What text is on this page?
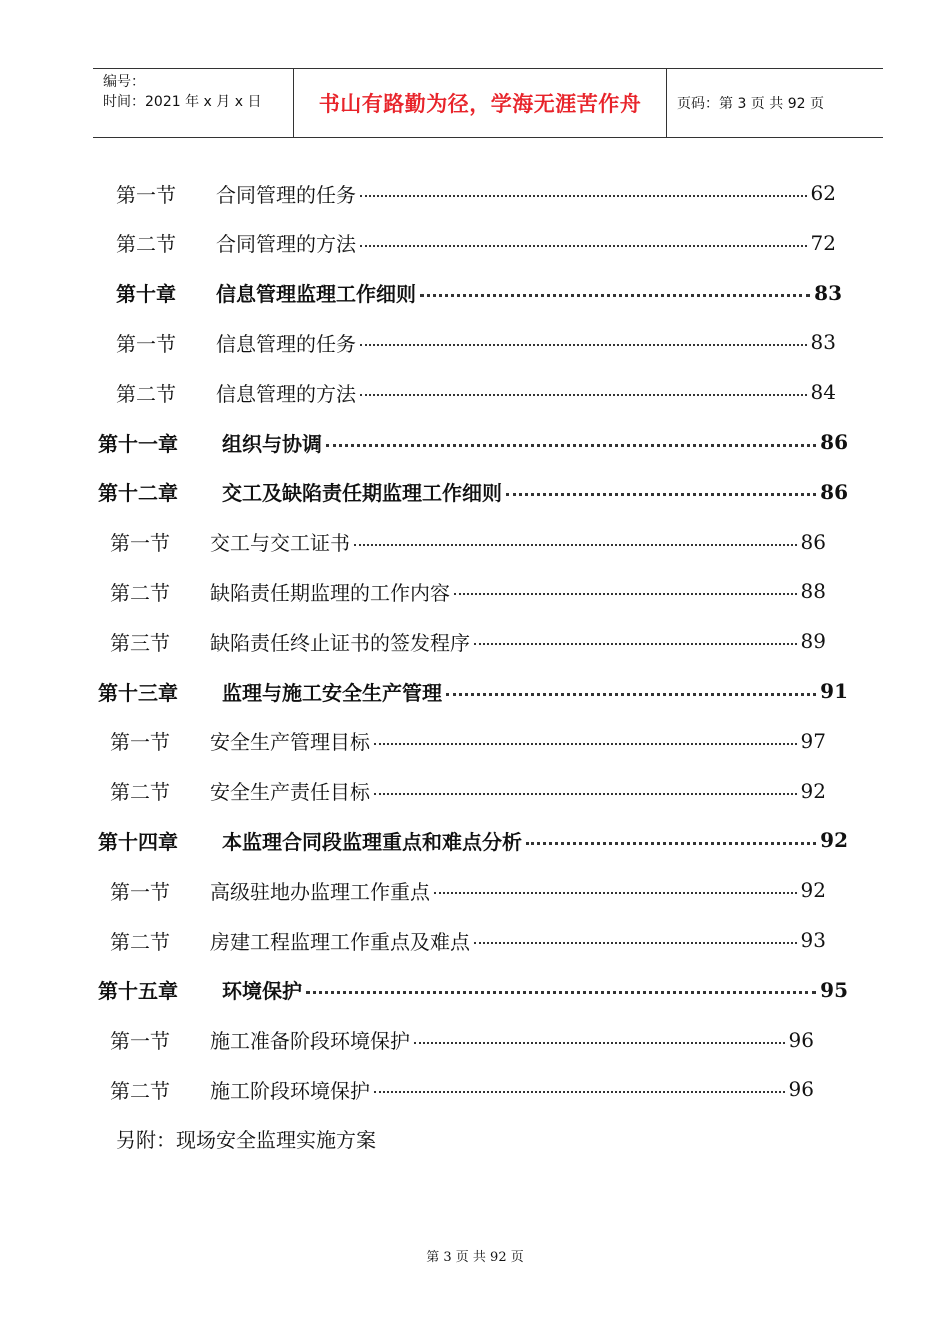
编号：
时间：2021 年 x 月 x 日	书山有路勤为径，学海无涯苦作舟	页码：第 3 页 共 92 页
第一节	合同管理的任务	62
第二节	合同管理的方法	72
第十章	信息管理监理工作细则	83
第一节	信息管理的任务	83
第二节	信息管理的方法	84
第十一章	组织与协调	86
第十二章	交工及缺陷责任期监理工作细则	86
第一节	交工与交工证书	86
第二节	缺陷责任期监理的工作内容	88
第三节	缺陷责任终止证书的签发程序	89
第十三章	监理与施工安全生产管理	91
第一节	安全生产管理目标	97
第二节	安全生产责任目标	92
第十四章	本监理合同段监理重点和难点分析	92
第一节	高级驻地办监理工作重点	92
第二节	房建工程监理工作重点及难点	93
第十五章	环境保护	95
第一节	施工准备阶段环境保护	96
第二节	施工阶段环境保护	96
另附：现场安全监理实施方案
第 3 页 共 92 页
